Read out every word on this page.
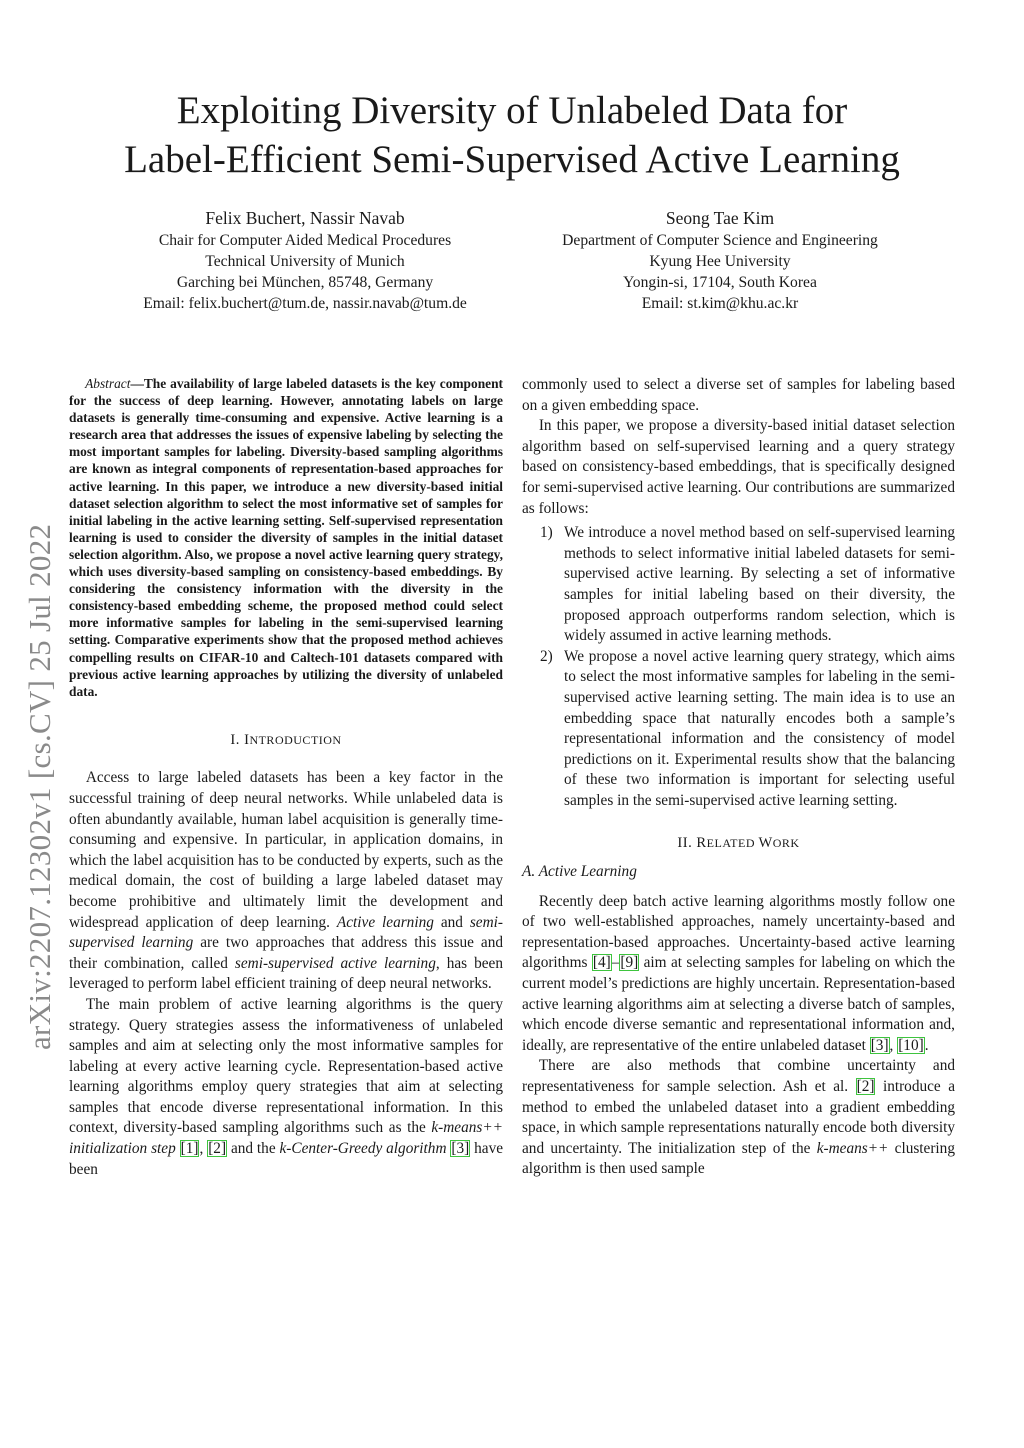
Exploiting Diversity of Unlabeled Data for
Label-Efficient Semi-Supervised Active Learning
Felix Buchert, Nassir Navab
Chair for Computer Aided Medical Procedures
Technical University of Munich
Garching bei München, 85748, Germany
Email: felix.buchert@tum.de, nassir.navab@tum.de
Seong Tae Kim
Department of Computer Science and Engineering
Kyung Hee University
Yongin-si, 17104, South Korea
Email: st.kim@khu.ac.kr
arXiv:2207.12302v1 [cs.CV] 25 Jul 2022

Abstract—The availability of large labeled datasets is the key component for the success of deep learning. However, annotating labels on large datasets is generally time-consuming and expensive. Active learning is a research area that addresses the issues of expensive labeling by selecting the most important samples for labeling. Diversity-based sampling algorithms are known as integral components of representation-based approaches for active learning. In this paper, we introduce a new diversity-based initial dataset selection algorithm to select the most informative set of samples for initial labeling in the active learning setting. Self-supervised representation learning is used to consider the diversity of samples in the initial dataset selection algorithm. Also, we propose a novel active learning query strategy, which uses diversity-based sampling on consistency-based embeddings. By considering the consistency information with the diversity in the consistency-based embedding scheme, the proposed method could select more informative samples for labeling in the semi-supervised learning setting. Comparative experiments show that the proposed method achieves compelling results on CIFAR-10 and Caltech-101 datasets compared with previous active learning approaches by utilizing the diversity of unlabeled data.

I. INTRODUCTION

Access to large labeled datasets has been a key factor in the successful training of deep neural networks. While unlabeled data is often abundantly available, human label acquisition is generally time-consuming and expensive. In particular, in application domains, in which the label acquisition has to be conducted by experts, such as the medical domain, the cost of building a large labeled dataset may become prohibitive and ultimately limit the development and widespread application of deep learning. Active learning and semi-supervised learning are two approaches that address this issue and their combination, called semi-supervised active learning, has been leveraged to perform label efficient training of deep neural networks.

The main problem of active learning algorithms is the query strategy. Query strategies assess the informativeness of unlabeled samples and aim at selecting only the most informative samples for labeling at every active learning cycle. Representation-based active learning algorithms employ query strategies that aim at selecting samples that encode diverse representational information. In this context, diversity-based sampling algorithms such as the k-means++ initialization step [1], [2] and the k-Center-Greedy algorithm [3] have been

commonly used to select a diverse set of samples for labeling based on a given embedding space.

In this paper, we propose a diversity-based initial dataset selection algorithm based on self-supervised learning and a query strategy based on consistency-based embeddings, that is specifically designed for semi-supervised active learning. Our contributions are summarized as follows:

1) We introduce a novel method based on self-supervised learning methods to select informative initial labeled datasets for semi-supervised active learning. By selecting a set of informative samples for initial labeling based on their diversity, the proposed approach outperforms random selection, which is widely assumed in active learning methods.
2) We propose a novel active learning query strategy, which aims to select the most informative samples for labeling in the semi-supervised active learning setting. The main idea is to use an embedding space that naturally encodes both a sample’s representational information and the consistency of model predictions on it. Experimental results show that the balancing of these two information is important for selecting useful samples in the semi-supervised active learning setting.
II. RELATED WORK
A. Active Learning

Recently deep batch active learning algorithms mostly follow one of two well-established approaches, namely uncertainty-based and representation-based approaches. Uncertainty-based active learning algorithms [4]–[9] aim at selecting samples for labeling on which the current model’s predictions are highly uncertain. Representation-based active learning algorithms aim at selecting a diverse batch of samples, which encode diverse semantic and representational information and, ideally, are representative of the entire unlabeled dataset [3], [10].

There are also methods that combine uncertainty and representativeness for sample selection. Ash et al. [2] introduce a method to embed the unlabeled dataset into a gradient embedding space, in which sample representations naturally encode both diversity and uncertainty. The initialization step of the k-means++ clustering algorithm is then used sample
